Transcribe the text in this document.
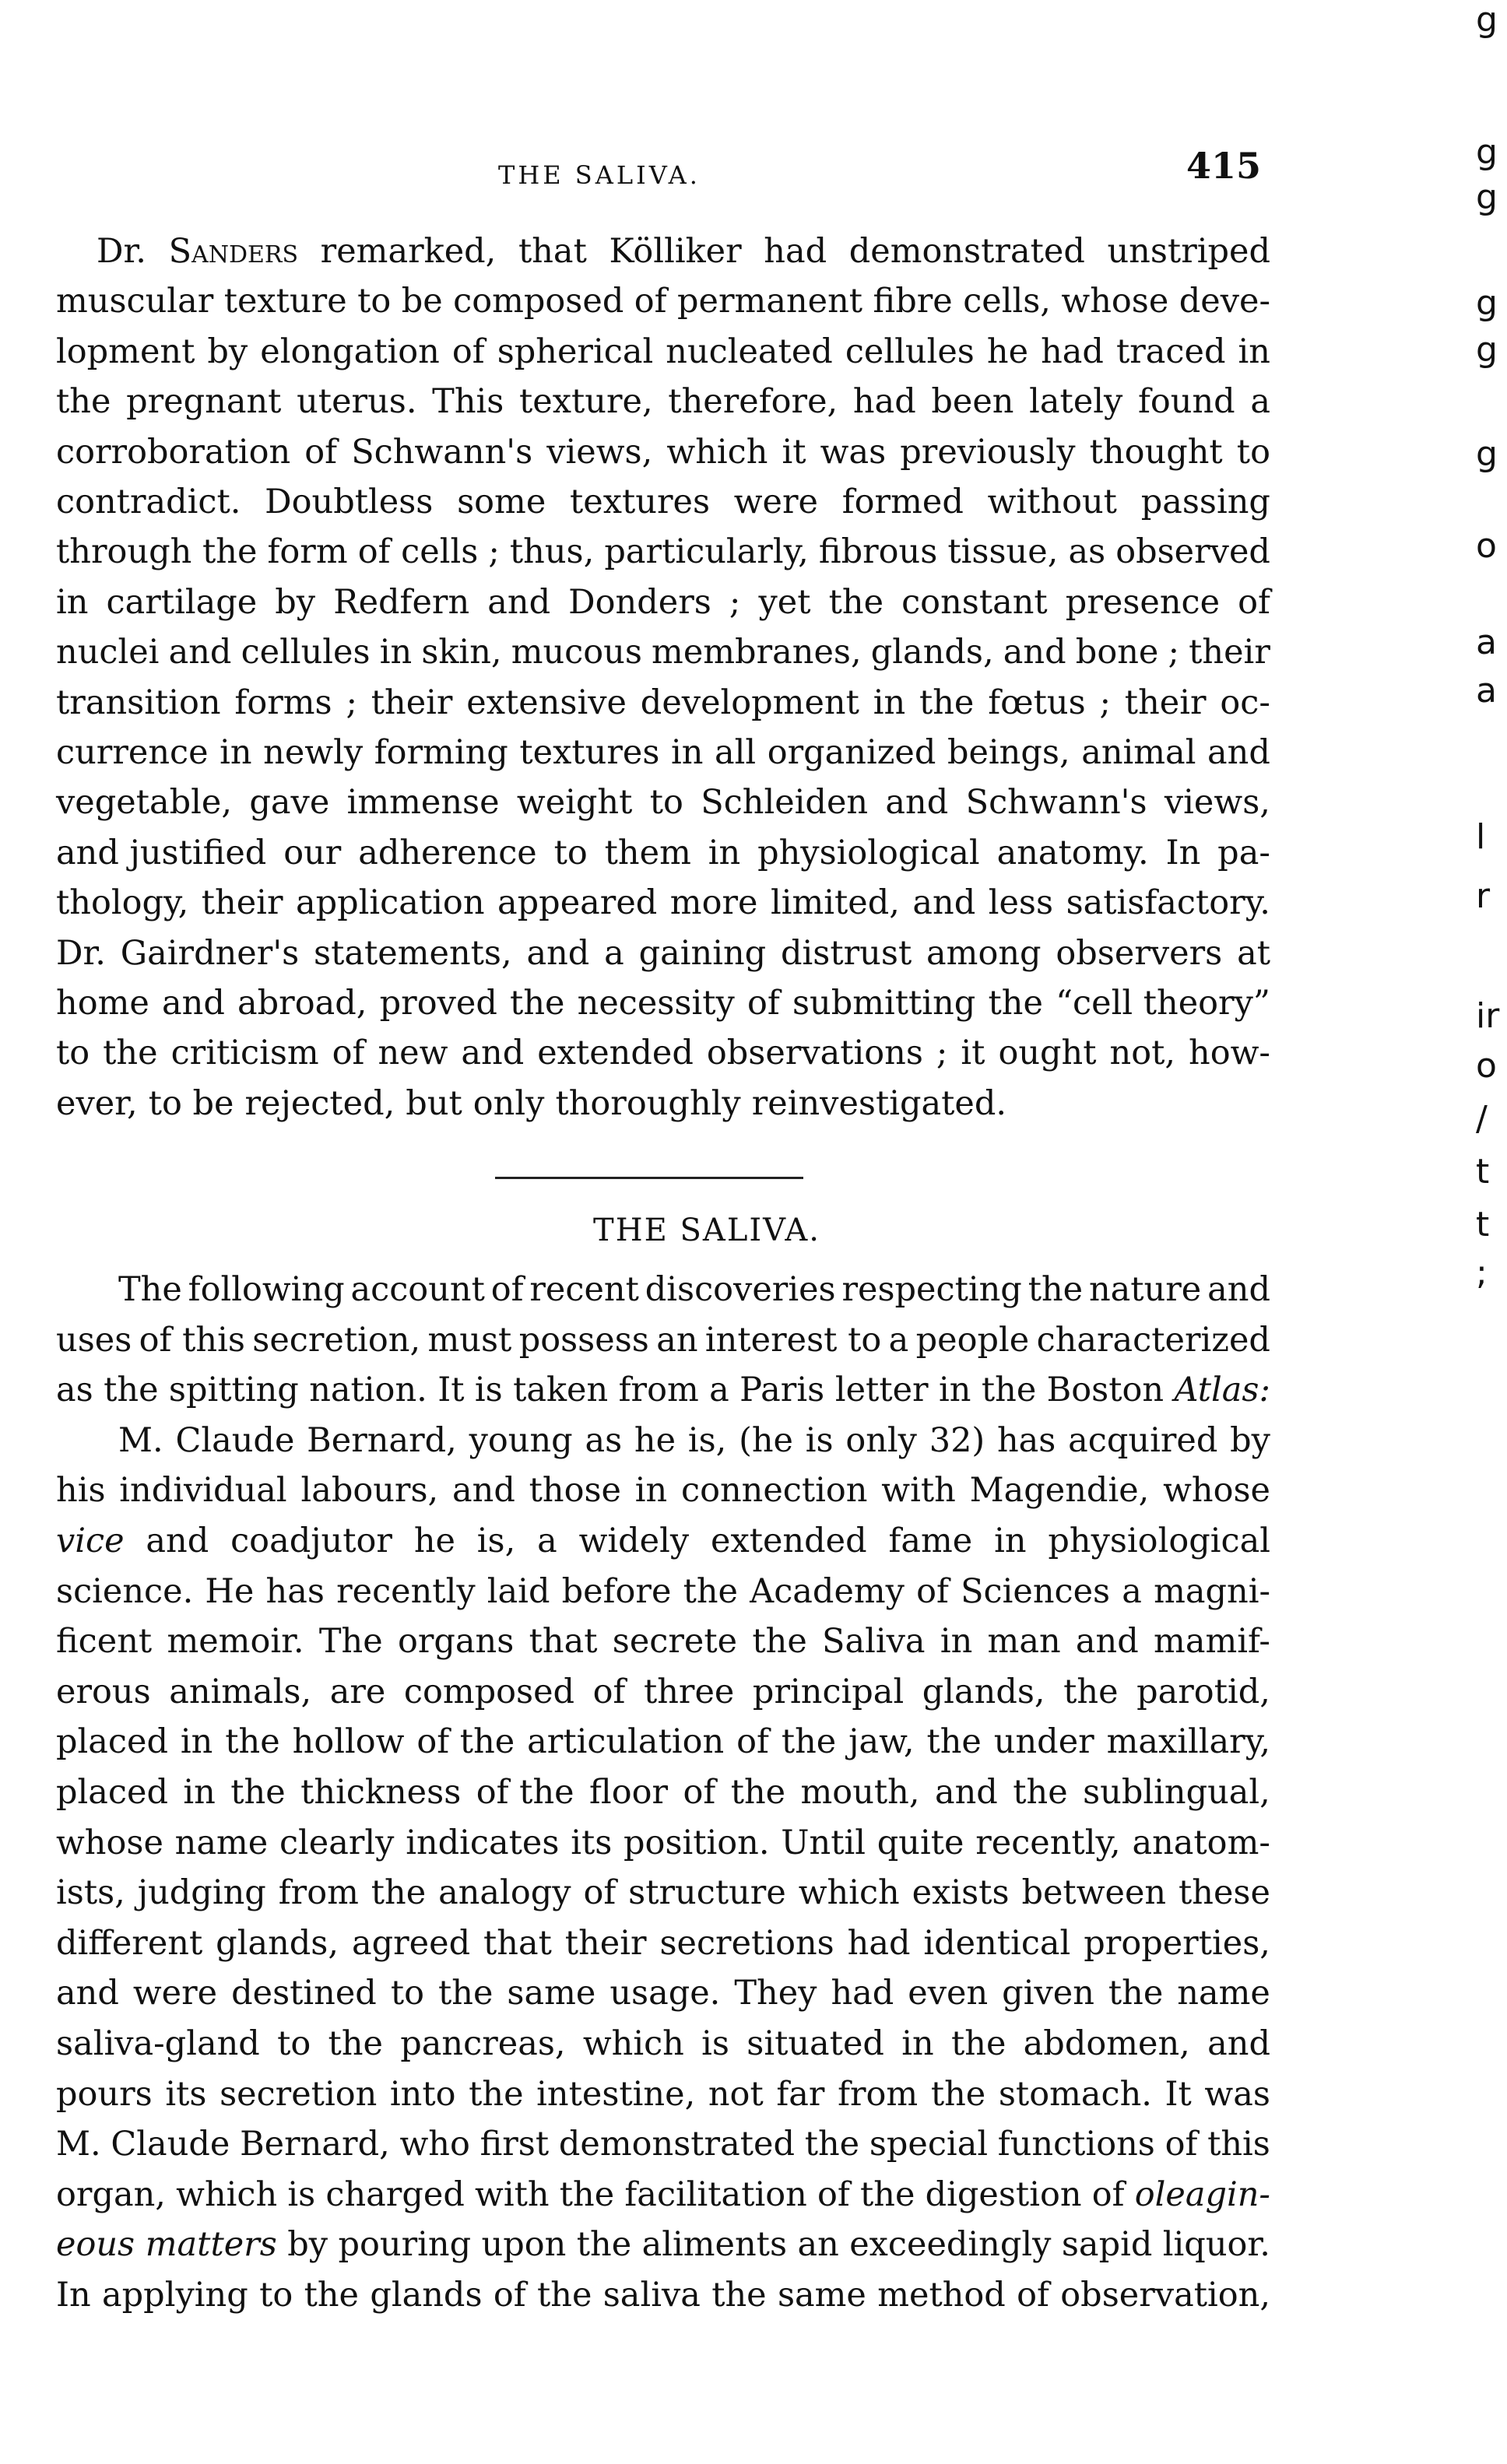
THE SALIVA.	415
Dr. Sanders remarked, that Kölliker had demonstrated unstriped
muscular texture to be composed of permanent fibre cells, whose deve-
lopment by elongation of spherical nucleated cellules he had traced in
the pregnant uterus. This texture, therefore, had been lately found a
corroboration of Schwann's views, which it was previously thought to
contradict. Doubtless some textures were formed without passing
through the form of cells ; thus, particularly, fibrous tissue, as observed
in cartilage by Redfern and Donders ; yet the constant presence of
nuclei and cellules in skin, mucous membranes, glands, and bone ; their
transition forms ; their extensive development in the fœtus ; their oc-
currence in newly forming textures in all organized beings, animal and
vegetable, gave immense weight to Schleiden and Schwann's views,
and justified our adherence to them in physiological anatomy. In pa-
thology, their application appeared more limited, and less satisfactory.
Dr. Gairdner's statements, and a gaining distrust among observers at
home and abroad, proved the necessity of submitting the “cell theory”
to the criticism of new and extended observations ; it ought not, how-
ever, to be rejected, but only thoroughly reinvestigated.
THE SALIVA.
The following account of recent discoveries respecting the nature and
uses of this secretion, must possess an interest to a people characterized
as the spitting nation. It is taken from a Paris letter in the Boston Atlas:
M. Claude Bernard, young as he is, (he is only 32) has acquired by
his individual labours, and those in connection with Magendie, whose
vice and coadjutor he is, a widely extended fame in physiological
science. He has recently laid before the Academy of Sciences a magni-
ficent memoir. The organs that secrete the Saliva in man and mamif-
erous animals, are composed of three principal glands, the parotid,
placed in the hollow of the articulation of the jaw, the under maxillary,
placed in the thickness of the floor of the mouth, and the sublingual,
whose name clearly indicates its position. Until quite recently, anatom-
ists, judging from the analogy of structure which exists between these
different glands, agreed that their secretions had identical properties,
and were destined to the same usage. They had even given the name
saliva-gland to the pancreas, which is situated in the abdomen, and
pours its secretion into the intestine, not far from the stomach. It was
M. Claude Bernard, who first demonstrated the special functions of this
organ, which is charged with the facilitation of the digestion of oleagin-
eous matters by pouring upon the aliments an exceedingly sapid liquor.
In applying to the glands of the saliva the same method of observation,
g
g
g
g
g
g
o
a
a
l
r
ir
o
/
t
t
;
